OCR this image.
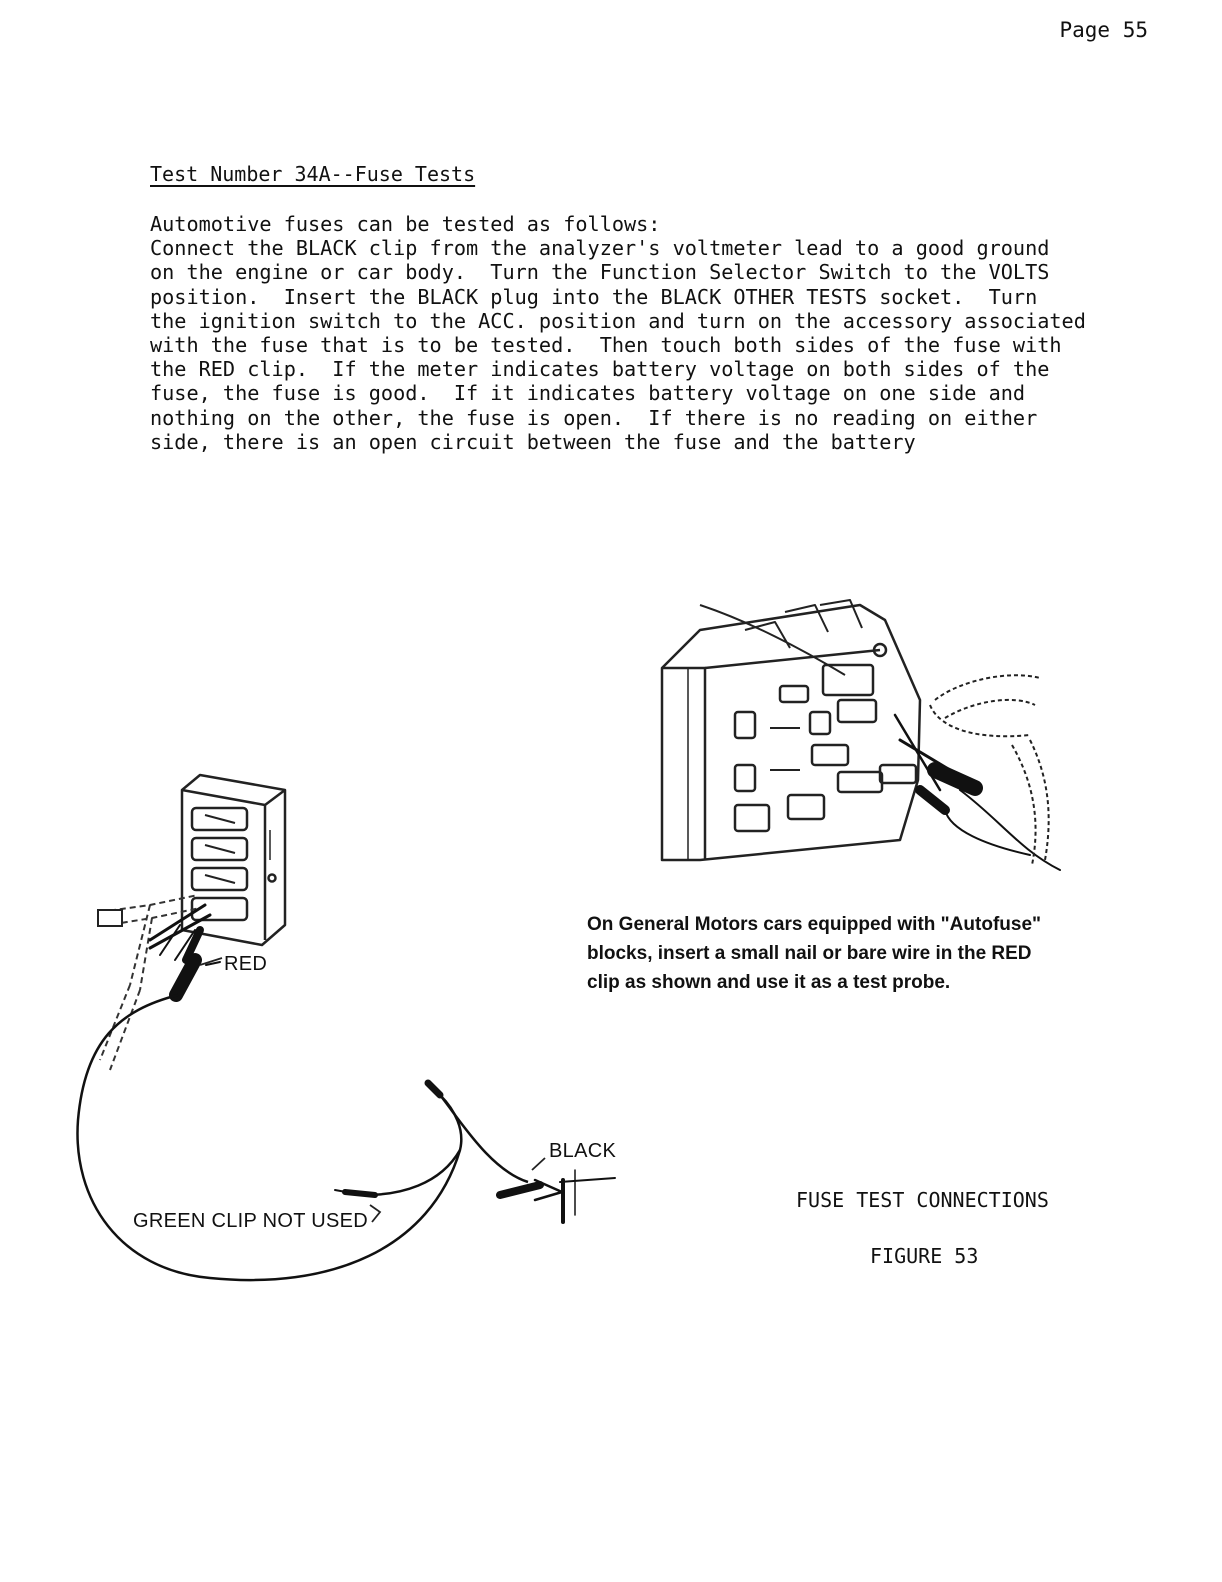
Page 55
Test Number 34A--Fuse Tests
Automotive fuses can be tested as follows:
Connect the BLACK clip from the analyzer's voltmeter lead to a good ground
on the engine or car body.  Turn the Function Selector Switch to the VOLTS
position.  Insert the BLACK plug into the BLACK OTHER TESTS socket.  Turn
the ignition switch to the ACC. position and turn on the accessory associated
with the fuse that is to be tested.  Then touch both sides of the fuse with
the RED clip.  If the meter indicates battery voltage on both sides of the
fuse, the fuse is good.  If it indicates battery voltage on one side and
nothing on the other, the fuse is open.  If there is no reading on either
side, there is an open circuit between the fuse and the battery
RED
BLACK
GREEN CLIP NOT USED
On General Motors cars equipped with "Autofuse"
blocks, insert a small nail or bare wire in the RED
clip as shown and use it as a test probe.
FUSE TEST CONNECTIONS
FIGURE 53
